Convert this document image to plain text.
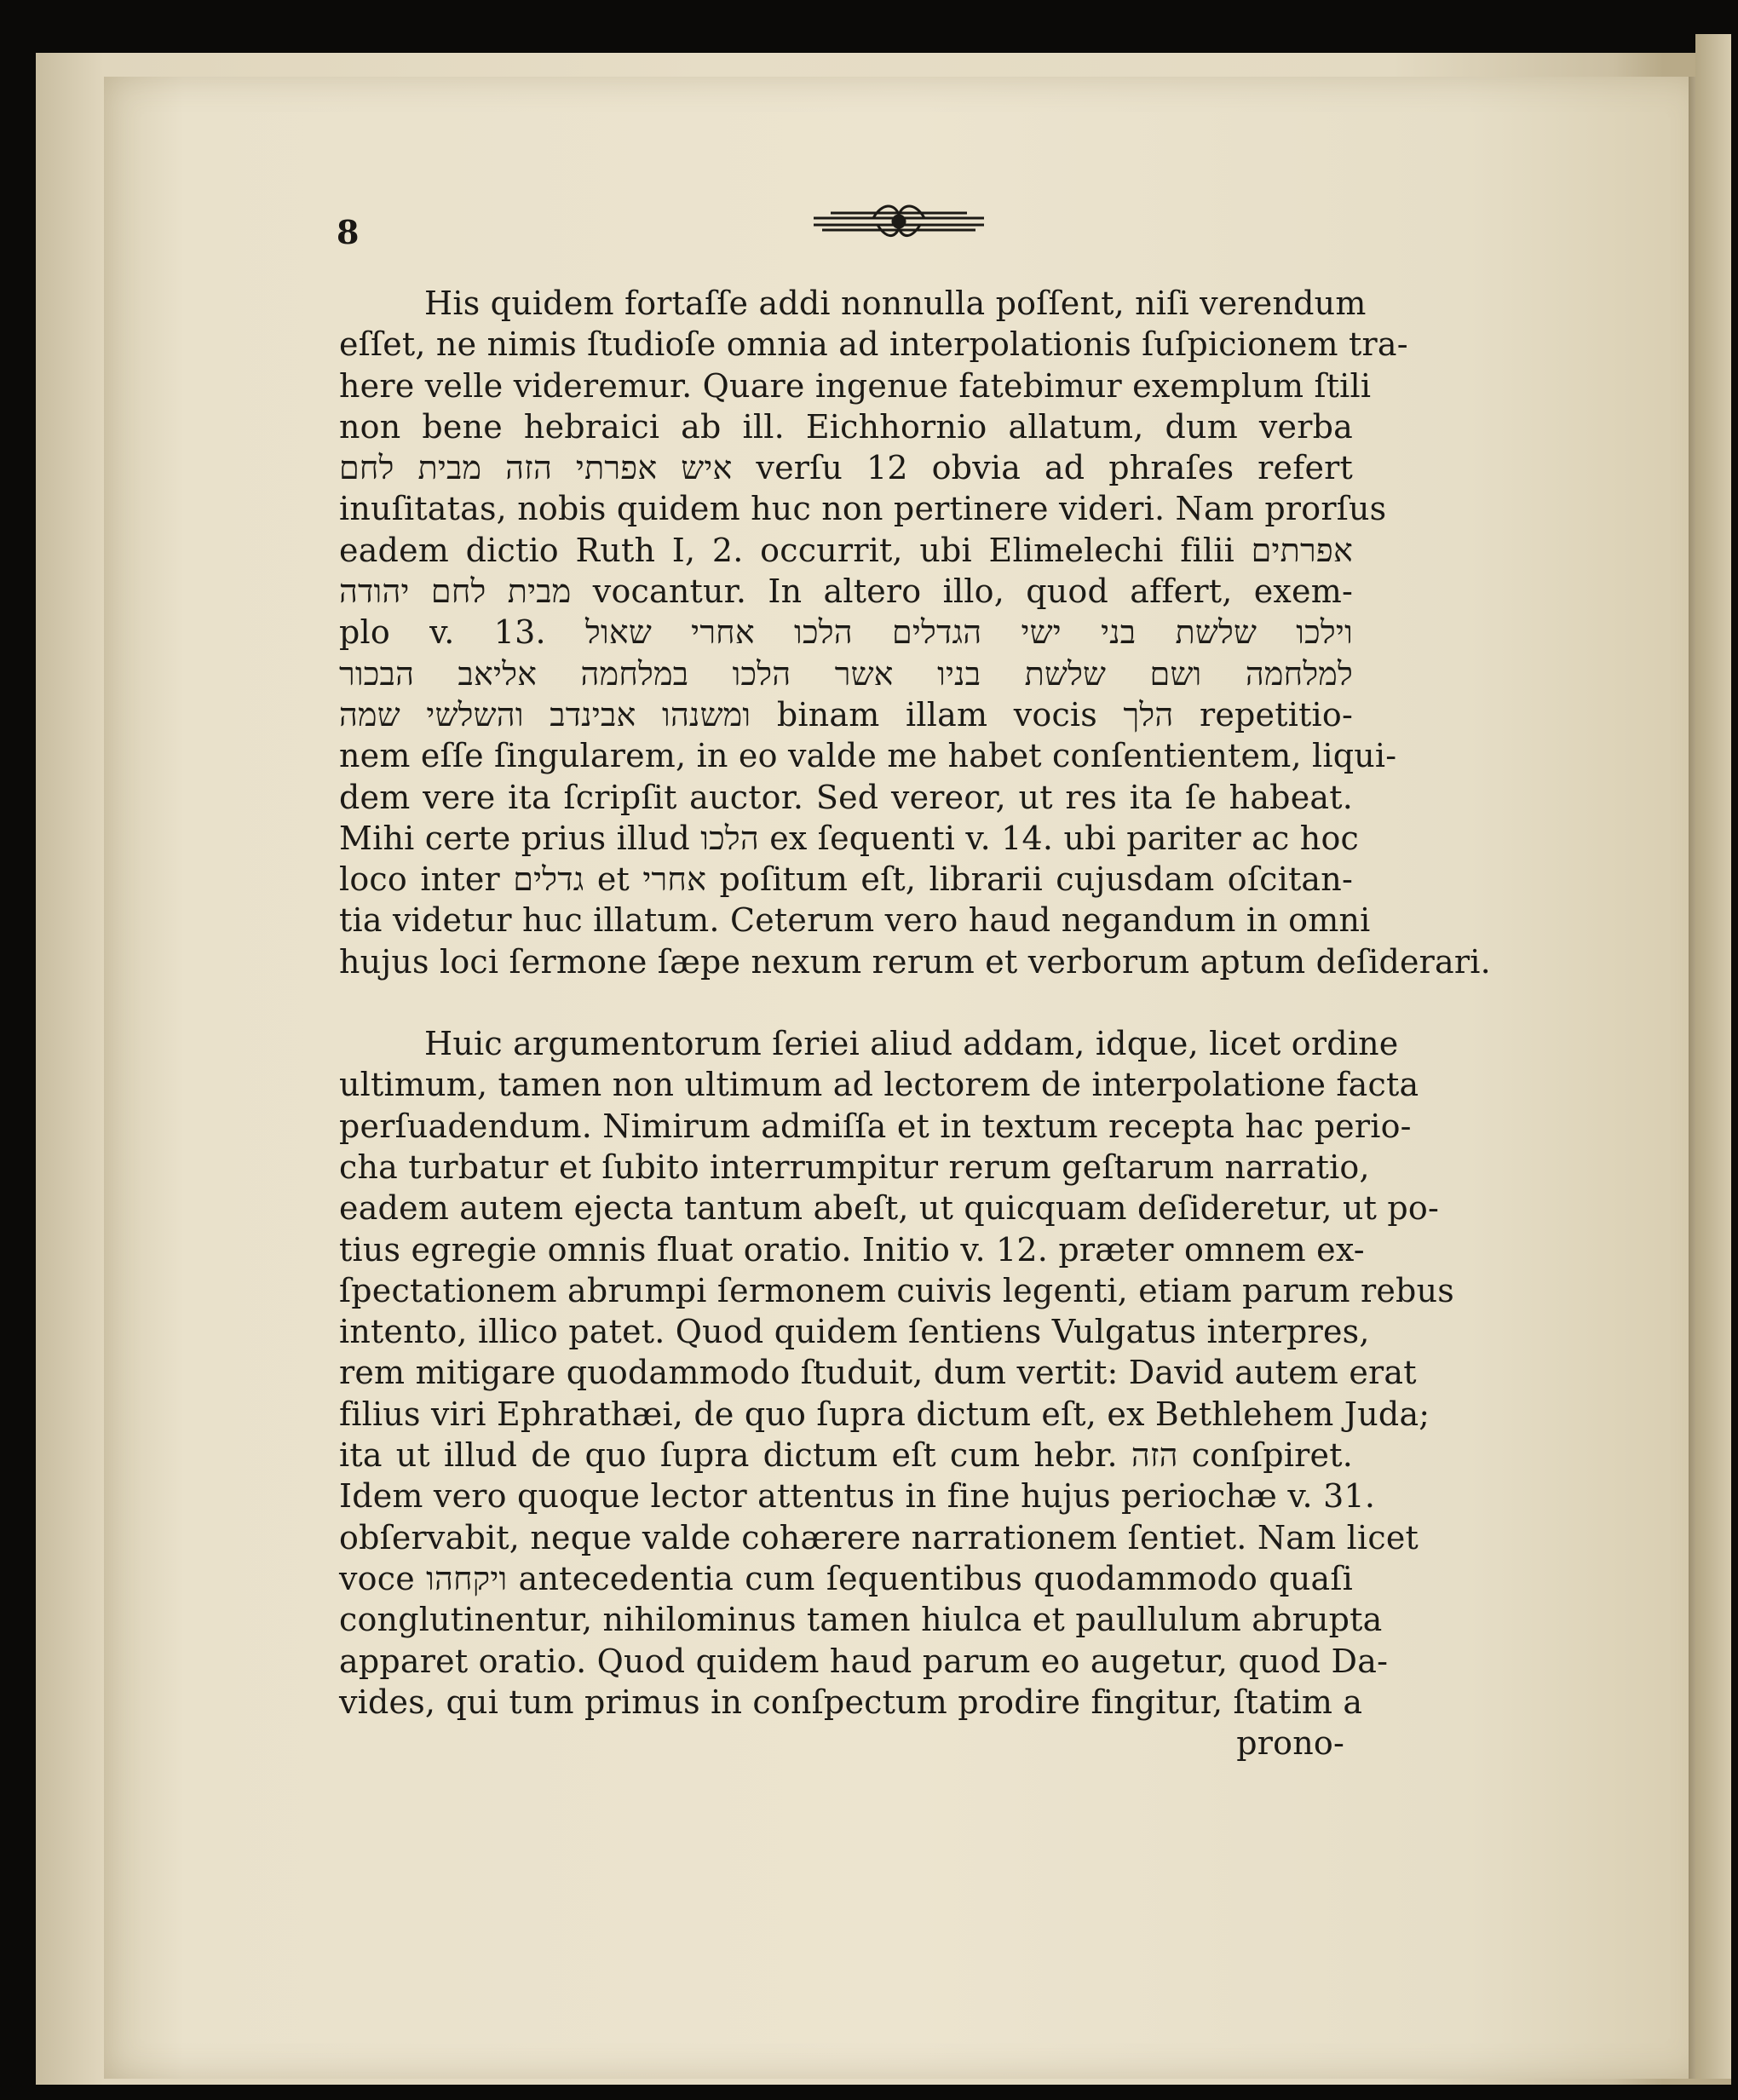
8
His quidem fortaſſe addi nonnulla poſſent, niſi verendum
eſſet, ne nimis ſtudioſe omnia ad interpolationis ſuſpicionem tra-
here velle videremur. Quare ingenue fatebimur exemplum ſtili
non bene hebraici ab ill. Eichhornio allatum, dum verba
איש אפרתי הזה מבית לחם verſu 12 obvia ad phraſes refert
inuſitatas, nobis quidem huc non pertinere videri. Nam prorſus
eadem dictio Ruth I, 2. occurrit, ubi Elimelechi filii אפרתים
מבית לחם יהודה vocantur. In altero illo, quod affert, exem-
plo v. 13. וילכו שלשת בני ישי הגדלים הלכו אחרי שאול
למלחמה ושם שלשת בניו אשר הלכו במלחמה אליאב הבכור
ומשנהו אבינדב והשלשי שמה binam illam vocis הלך repetitio-
nem eſſe ſingularem, in eo valde me habet conſentientem, liqui-
dem vere ita ſcripſit auctor. Sed vereor, ut res ita ſe habeat.
Mihi certe prius illud הלכו ex ſequenti v. 14. ubi pariter ac hoc
loco inter גדלים et אחרי poſitum eſt, librarii cujusdam oſcitan-
tia videtur huc illatum. Ceterum vero haud negandum in omni
hujus loci ſermone ſæpe nexum rerum et verborum aptum deſiderari.
Huic argumentorum ſeriei aliud addam, idque, licet ordine
ultimum, tamen non ultimum ad lectorem de interpolatione facta
perſuadendum. Nimirum admiſſa et in textum recepta hac perio-
cha turbatur et ſubito interrumpitur rerum geſtarum narratio,
eadem autem ejecta tantum abeſt, ut quicquam deſideretur, ut po-
tius egregie omnis fluat oratio. Initio v. 12. præter omnem ex-
ſpectationem abrumpi ſermonem cuivis legenti, etiam parum rebus
intento, illico patet. Quod quidem ſentiens Vulgatus interpres,
rem mitigare quodammodo ſtuduit, dum vertit: David autem erat
filius viri Ephrathæi, de quo ſupra dictum eſt, ex Bethlehem Juda;
ita ut illud de quo ſupra dictum eſt cum hebr. הזה conſpiret.
Idem vero quoque lector attentus in fine hujus periochæ v. 31.
obſervabit, neque valde cohærere narrationem ſentiet. Nam licet
voce ויקחהו antecedentia cum ſequentibus quodammodo quaſi
conglutinentur, nihilominus tamen hiulca et paullulum abrupta
apparet oratio. Quod quidem haud parum eo augetur, quod Da-
vides, qui tum primus in conſpectum prodire fingitur, ſtatim a
prono-
